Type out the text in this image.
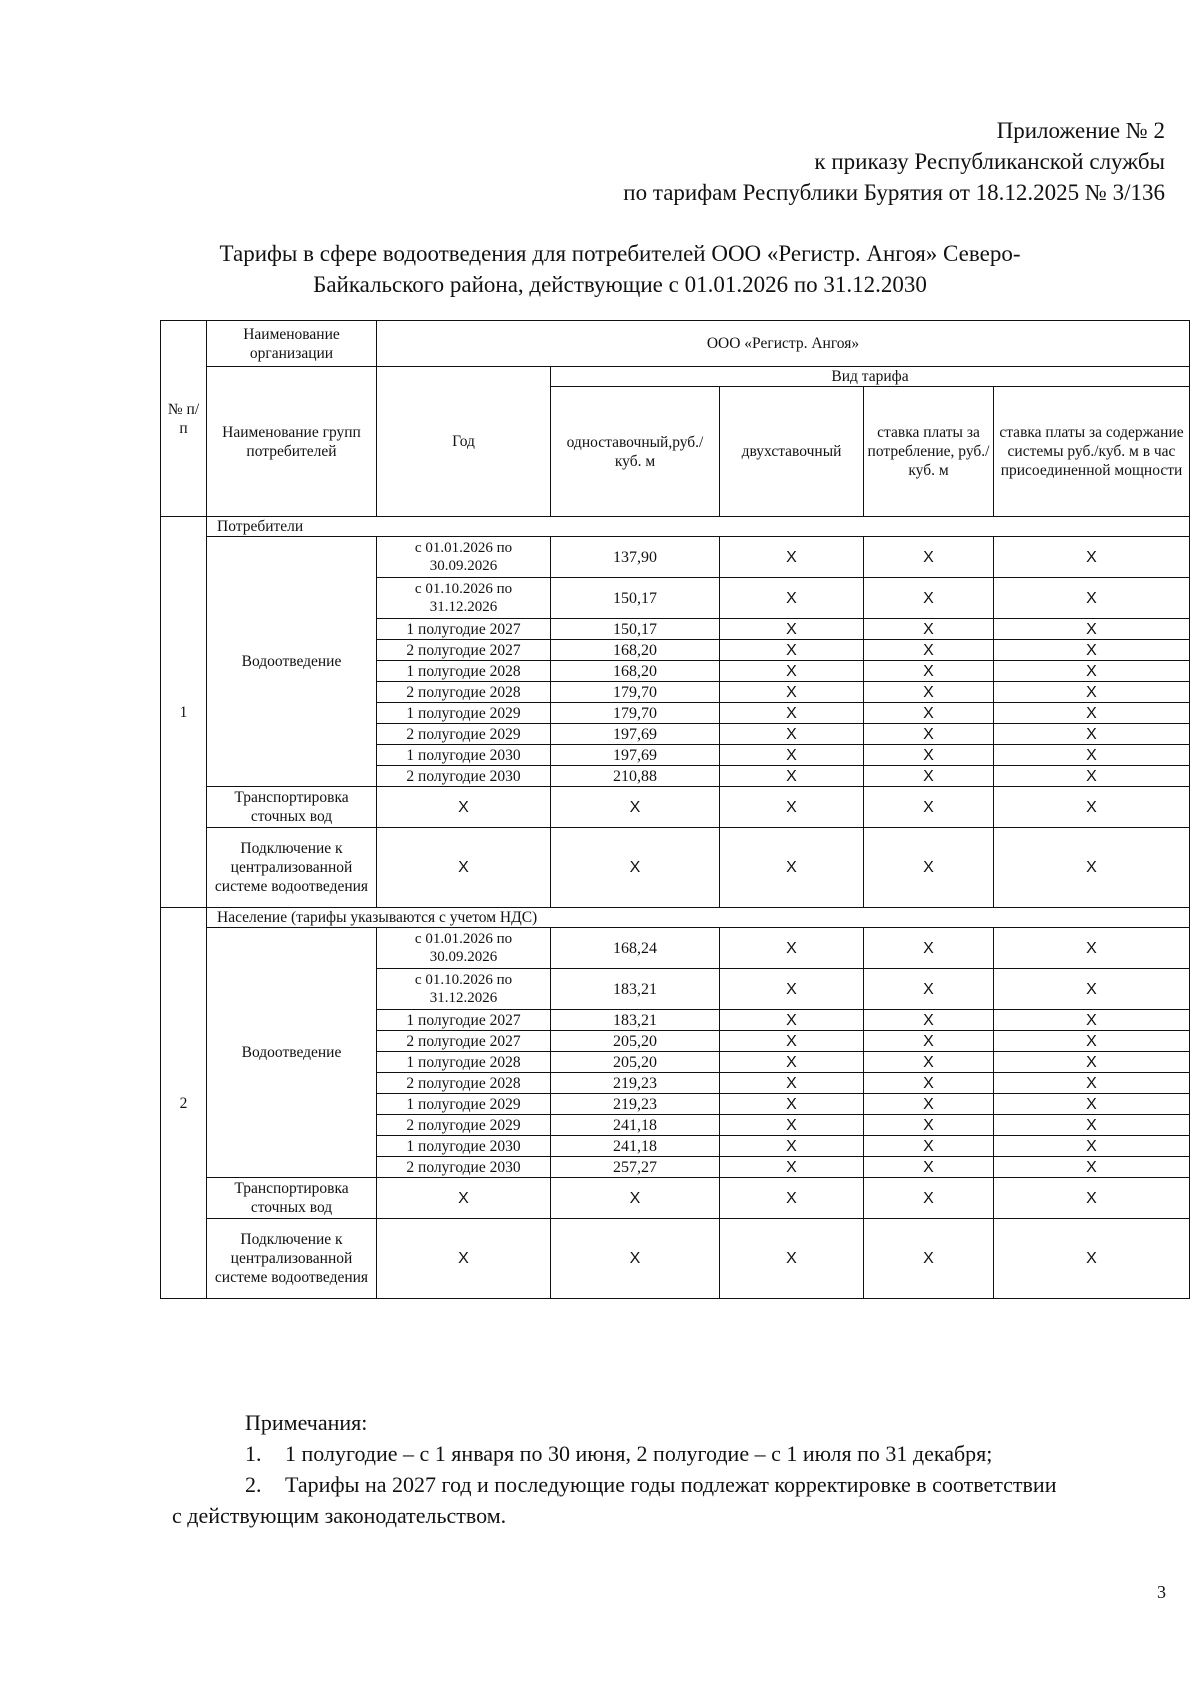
Приложение № 2
к приказу Республиканской службы
по тарифам Республики Бурятия от 18.12.2025 № 3/136
Тарифы в сфере водоотведения для потребителей ООО «Регистр. Ангоя» Северо-
Байкальского района, действующие с 01.01.2026 по 31.12.2030
№ п/ п	Наименование организации	ООО «Регистр. Ангоя»				
	Наименование групп потребителей	Год	Вид тарифа			
			одноставочный,руб./ куб. м	двухставочный	ставка платы за потребление, руб./ куб. м	ставка платы за содержание системы руб./куб. м в час присоединенной мощности
1	Потребители					
	Водоотведение	с 01.01.2026 по 30.09.2026	137,90	X	X	X
		с 01.10.2026 по 31.12.2026	150,17	X	X	X
		1 полугодие 2027	150,17	X	X	X
		2 полугодие 2027	168,20	X	X	X
		1 полугодие 2028	168,20	X	X	X
		2 полугодие 2028	179,70	X	X	X
		1 полугодие 2029	179,70	X	X	X
		2 полугодие 2029	197,69	X	X	X
		1 полугодие 2030	197,69	X	X	X
		2 полугодие 2030	210,88	X	X	X
	Транспортировка сточных вод	X	X	X	X	X
	Подключение к централизованной системе водоотведения	X	X	X	X	X
2	Население (тарифы указываются с учетом НДС)					
	Водоотведение	с 01.01.2026 по 30.09.2026	168,24	X	X	X
		с 01.10.2026 по 31.12.2026	183,21	X	X	X
		1 полугодие 2027	183,21	X	X	X
		2 полугодие 2027	205,20	X	X	X
		1 полугодие 2028	205,20	X	X	X
		2 полугодие 2028	219,23	X	X	X
		1 полугодие 2029	219,23	X	X	X
		2 полугодие 2029	241,18	X	X	X
		1 полугодие 2030	241,18	X	X	X
		2 полугодие 2030	257,27	X	X	X
	Транспортировка сточных вод	X	X	X	X	X
	Подключение к централизованной системе водоотведения	X	X	X	X	X
Примечания:
1. 1 полугодие – с 1 января по 30 июня, 2 полугодие – с 1 июля по 31 декабря;
2. Тарифы на 2027 год и последующие годы подлежат корректировке в соответствии
с действующим законодательством.
3
